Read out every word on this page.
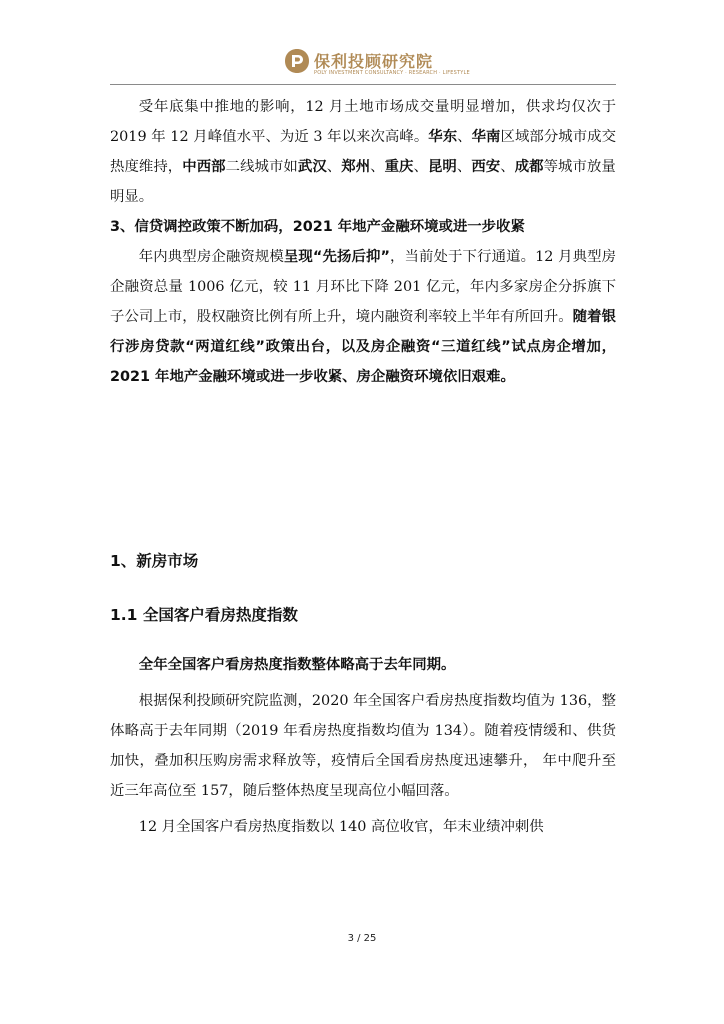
保利投顾研究院
POLY INVESTMENT CONSULTANCY · RESEARCH · LIFESTYLE

受年底集中推地的影响，12 月土地市场成交量明显增加，供求均仅次于 2019 年 12 月峰值水平、为近 3 年以来次高峰。华东、华南区域部分城市成交热度维持，中西部二线城市如武汉、郑州、重庆、昆明、西安、成都等城市放量明显。

3、信贷调控政策不断加码，2021 年地产金融环境或进一步收紧

年内典型房企融资规模呈现“先扬后抑”，当前处于下行通道。12 月典型房企融资总量 1006 亿元，较 11 月环比下降 201 亿元，年内多家房企分拆旗下子公司上市，股权融资比例有所上升，境内融资利率较上半年有所回升。随着银行涉房贷款“两道红线”政策出台，以及房企融资“三道红线”试点房企增加，2021 年地产金融环境或进一步收紧、房企融资环境依旧艰难。

1、新房市场
1.1 全国客户看房热度指数

全年全国客户看房热度指数整体略高于去年同期。

根据保利投顾研究院监测，2020 年全国客户看房热度指数均值为 136，整体略高于去年同期（2019 年看房热度指数均值为 134）。随着疫情缓和、供货加快，叠加积压购房需求释放等，疫情后全国看房热度迅速攀升， 年中爬升至近三年高位至 157，随后整体热度呈现高位小幅回落。

12 月全国客户看房热度指数以 140 高位收官，年末业绩冲刺供

3 / 25
